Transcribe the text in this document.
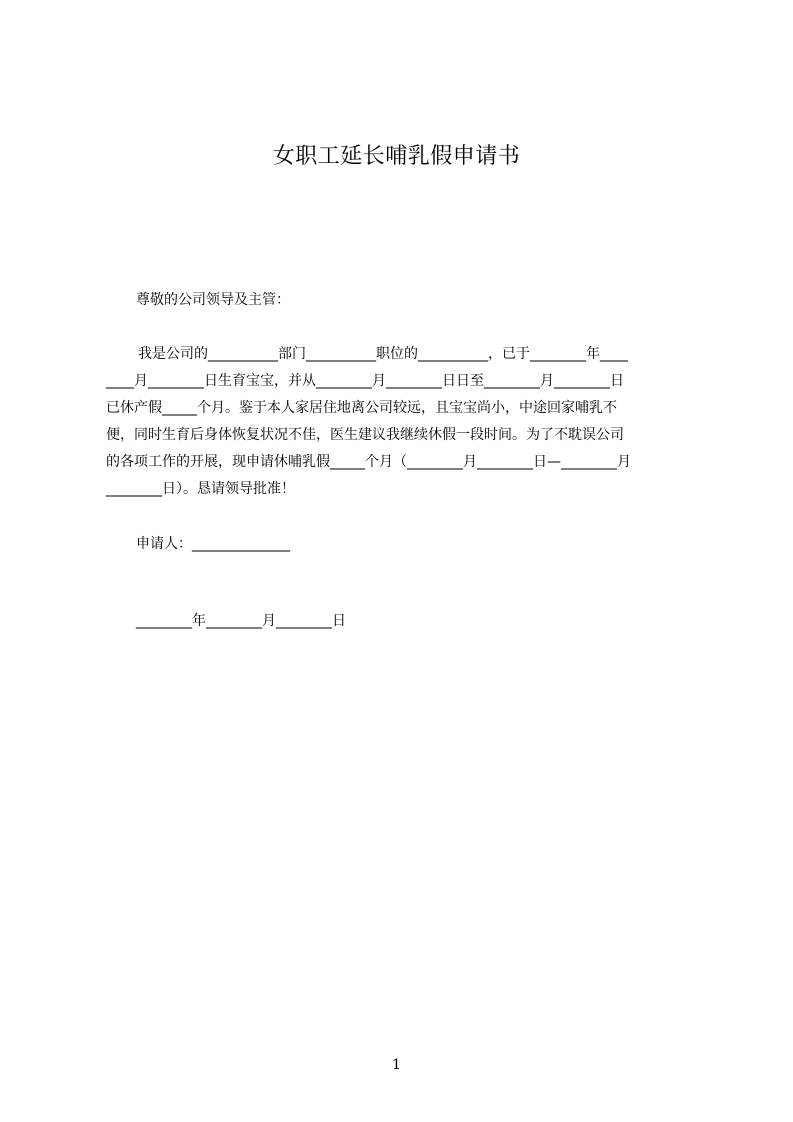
女职工延长哺乳假申请书
尊敬的公司领导及主管：
我是公司的__________部门__________职位的__________，已于________年____
____月________日生育宝宝，并从________月________日日至________月________日
已休产假_____个月。鉴于本人家居住地离公司较远，且宝宝尚小，中途回家哺乳不
便，同时生育后身体恢复状况不佳，医生建议我继续休假一段时间。为了不耽误公司
的各项工作的开展，现申请休哺乳假_____个月（________月________日—________月
________日）。恳请领导批准！
申请人：______________
________年________月________日
1
